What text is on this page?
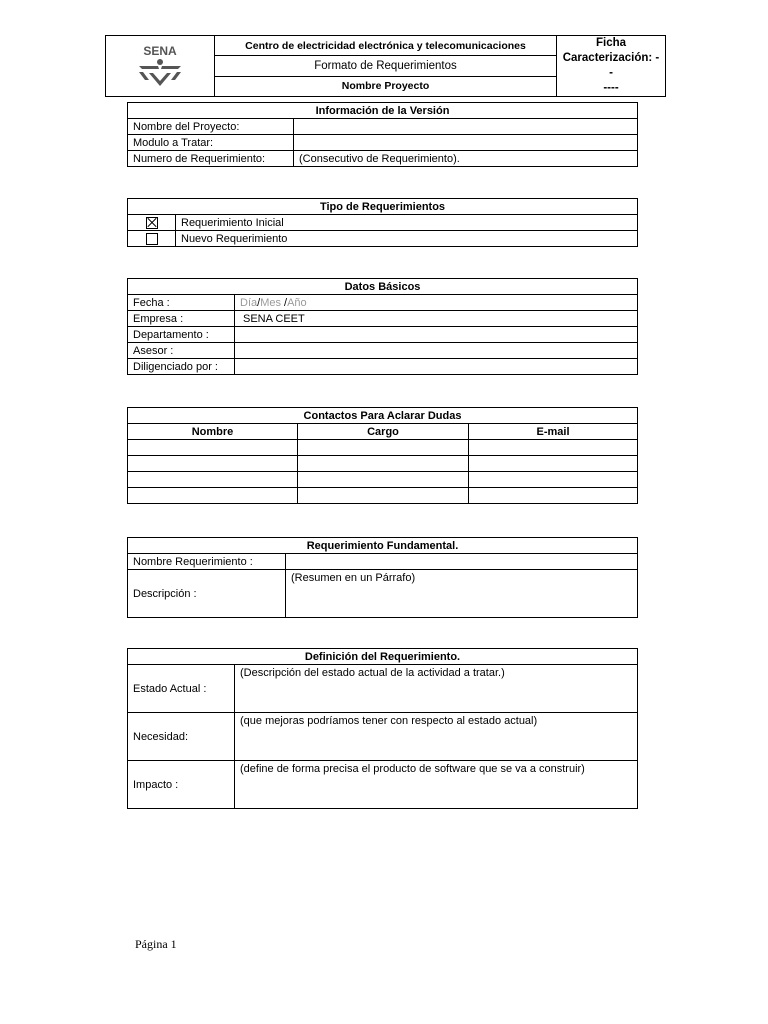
SENA	Centro de electricidad electrónica y telecomunicaciones	Ficha
Caracterización: --
----

Formato de Requerimientos
Nombre Proyecto
Información de la Versión	
Nombre del Proyecto:	
Modulo a Tratar:	
Numero de Requerimiento:	(Consecutivo de Requerimiento).
Tipo de Requerimientos	
	Requerimiento Inicial
	Nuevo Requerimiento
Datos Básicos	
Fecha :	Día/Mes /Año
Empresa :	SENA CEET
Departamento :	
Asesor :	
Diligenciado por :	
Contactos Para Aclarar Dudas		
Nombre	Cargo	E-mail

Requerimiento Fundamental.	
Nombre Requerimiento :	
Descripción :	(Resumen en un Párrafo)
Definición del Requerimiento.	
Estado Actual :	(Descripción del estado actual de la actividad a tratar.)
Necesidad:	(que mejoras podríamos tener con respecto al estado actual)
Impacto :	(define de forma precisa el producto de software que se va a construir)
Página 1
